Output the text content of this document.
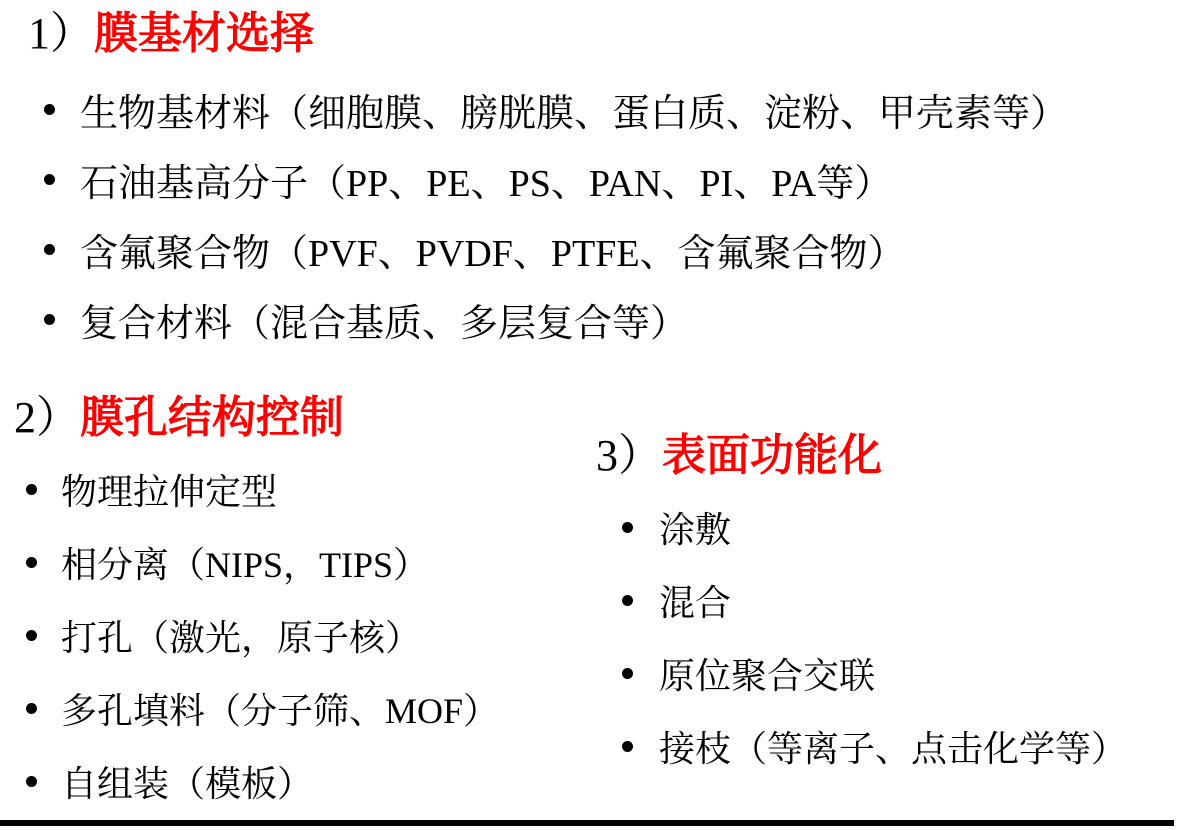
1）膜基材选择
生物基材料（细胞膜、膀胱膜、蛋白质、淀粉、甲壳素等）
石油基高分子（PP、PE、PS、PAN、PI、PA等）
含氟聚合物（PVF、PVDF、PTFE、含氟聚合物）
复合材料（混合基质、多层复合等）
2）膜孔结构控制
物理拉伸定型
相分离（NIPS，TIPS）
打孔（激光，原子核）
多孔填料（分子筛、MOF）
自组装（模板）
3）表面功能化
涂敷
混合
原位聚合交联
接枝（等离子、点击化学等）
